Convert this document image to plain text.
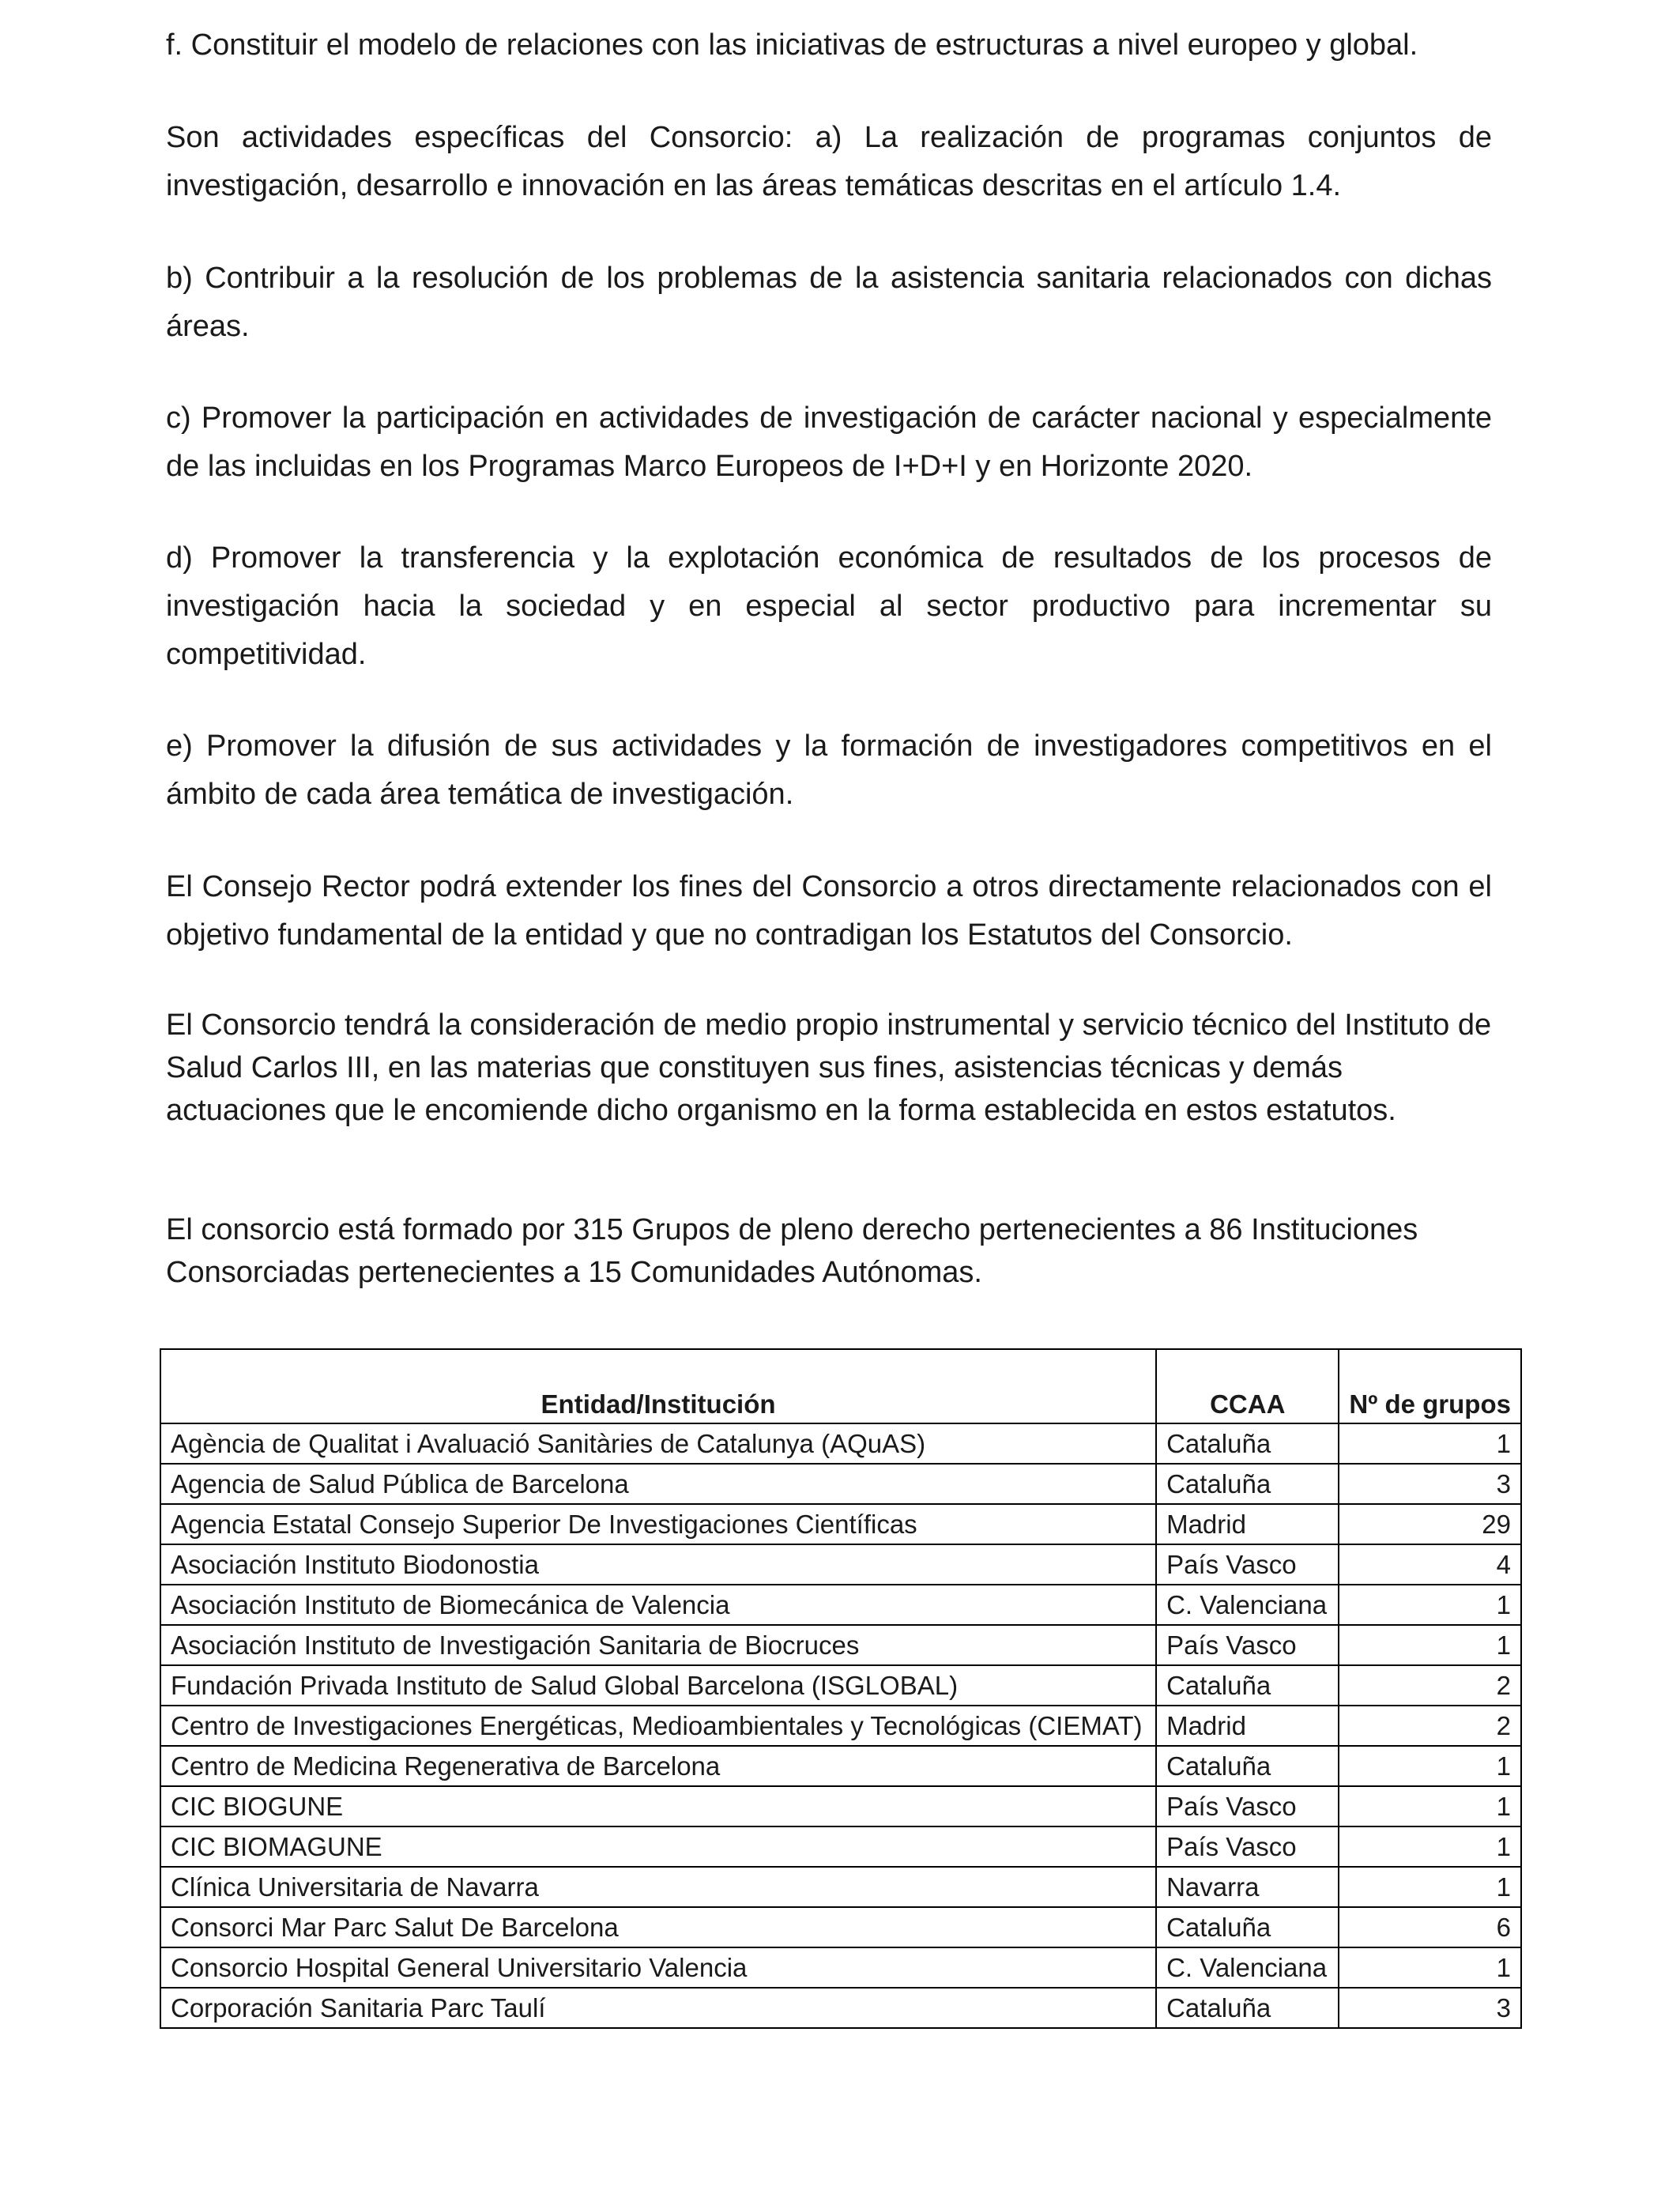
f. Constituir el modelo de relaciones con las iniciativas de estructuras a nivel europeo y global.

Son actividades específicas del Consorcio: a) La realización de programas conjuntos de investigación, desarrollo e innovación en las áreas temáticas descritas en el artículo 1.4.

b) Contribuir a la resolución de los problemas de la asistencia sanitaria relacionados con dichas áreas.

c) Promover la participación en actividades de investigación de carácter nacional y especialmente de las incluidas en los Programas Marco Europeos de I+D+I y en Horizonte 2020.

d) Promover la transferencia y la explotación económica de resultados de los procesos de investigación hacia la sociedad y en especial al sector productivo para incrementar su competitividad.

e) Promover la difusión de sus actividades y la formación de investigadores competitivos en el ámbito de cada área temática de investigación.

El Consejo Rector podrá extender los fines del Consorcio a otros directamente relacionados con el objetivo fundamental de la entidad y que no contradigan los Estatutos del Consorcio.

El Consorcio tendrá la consideración de medio propio instrumental y servicio técnico del Instituto de Salud Carlos III, en las materias que constituyen sus fines, asistencias técnicas y demás actuaciones que le encomiende dicho organismo en la forma establecida en estos estatutos.

El consorcio está formado por 315 Grupos de pleno derecho pertenecientes a 86 Instituciones Consorciadas pertenecientes a 15 Comunidades Autónomas.

Entidad/Institución	CCAA	Nº de grupos
Agència de Qualitat i Avaluació Sanitàries de Catalunya (AQuAS)	Cataluña	1
Agencia de Salud Pública de Barcelona	Cataluña	3
Agencia Estatal Consejo Superior De Investigaciones Científicas	Madrid	29
Asociación Instituto Biodonostia	País Vasco	4
Asociación Instituto de Biomecánica de Valencia	C. Valenciana	1
Asociación Instituto de Investigación Sanitaria de Biocruces	País Vasco	1
Fundación Privada Instituto de Salud Global Barcelona (ISGLOBAL)	Cataluña	2
Centro de Investigaciones Energéticas, Medioambientales y Tecnológicas (CIEMAT)	Madrid	2
Centro de Medicina Regenerativa de Barcelona	Cataluña	1
CIC BIOGUNE	País Vasco	1
CIC BIOMAGUNE	País Vasco	1
Clínica Universitaria de Navarra	Navarra	1
Consorci Mar Parc Salut De Barcelona	Cataluña	6
Consorcio Hospital General Universitario Valencia	C. Valenciana	1
Corporación Sanitaria Parc Taulí	Cataluña	3
